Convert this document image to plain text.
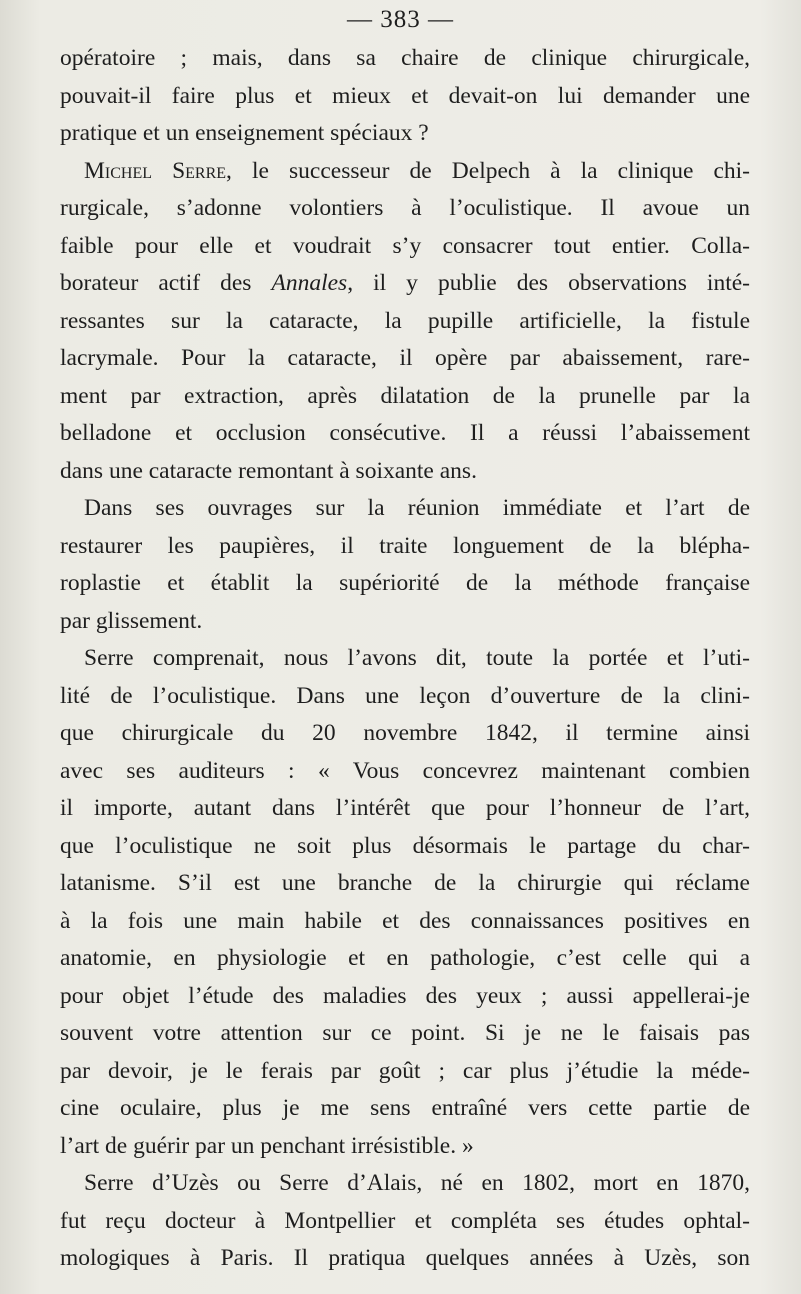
— 383 —
opératoire ; mais, dans sa chaire de clinique chirurgicale,
pouvait-il faire plus et mieux et devait-on lui demander une
pratique et un enseignement spéciaux ?
Michel Serre, le successeur de Delpech à la clinique chi-
rurgicale, s’adonne volontiers à l’oculistique. Il avoue un
faible pour elle et voudrait s’y consacrer tout entier. Colla-
borateur actif des Annales, il y publie des observations inté-
ressantes sur la cataracte, la pupille artificielle, la fistule
lacrymale. Pour la cataracte, il opère par abaissement, rare-
ment par extraction, après dilatation de la prunelle par la
belladone et occlusion consécutive. Il a réussi l’abaissement
dans une cataracte remontant à soixante ans.
Dans ses ouvrages sur la réunion immédiate et l’art de
restaurer les paupières, il traite longuement de la blépha-
roplastie et établit la supériorité de la méthode française
par glissement.
Serre comprenait, nous l’avons dit, toute la portée et l’uti-
lité de l’oculistique. Dans une leçon d’ouverture de la clini-
que chirurgicale du 20 novembre 1842, il termine ainsi
avec ses auditeurs : « Vous concevrez maintenant combien
il importe, autant dans l’intérêt que pour l’honneur de l’art,
que l’oculistique ne soit plus désormais le partage du char-
latanisme. S’il est une branche de la chirurgie qui réclame
à la fois une main habile et des connaissances positives en
anatomie, en physiologie et en pathologie, c’est celle qui a
pour objet l’étude des maladies des yeux ; aussi appellerai-je
souvent votre attention sur ce point. Si je ne le faisais pas
par devoir, je le ferais par goût ; car plus j’étudie la méde-
cine oculaire, plus je me sens entraîné vers cette partie de
l’art de guérir par un penchant irrésistible. »
Serre d’Uzès ou Serre d’Alais, né en 1802, mort en 1870,
fut reçu docteur à Montpellier et compléta ses études ophtal-
mologiques à Paris. Il pratiqua quelques années à Uzès, son
